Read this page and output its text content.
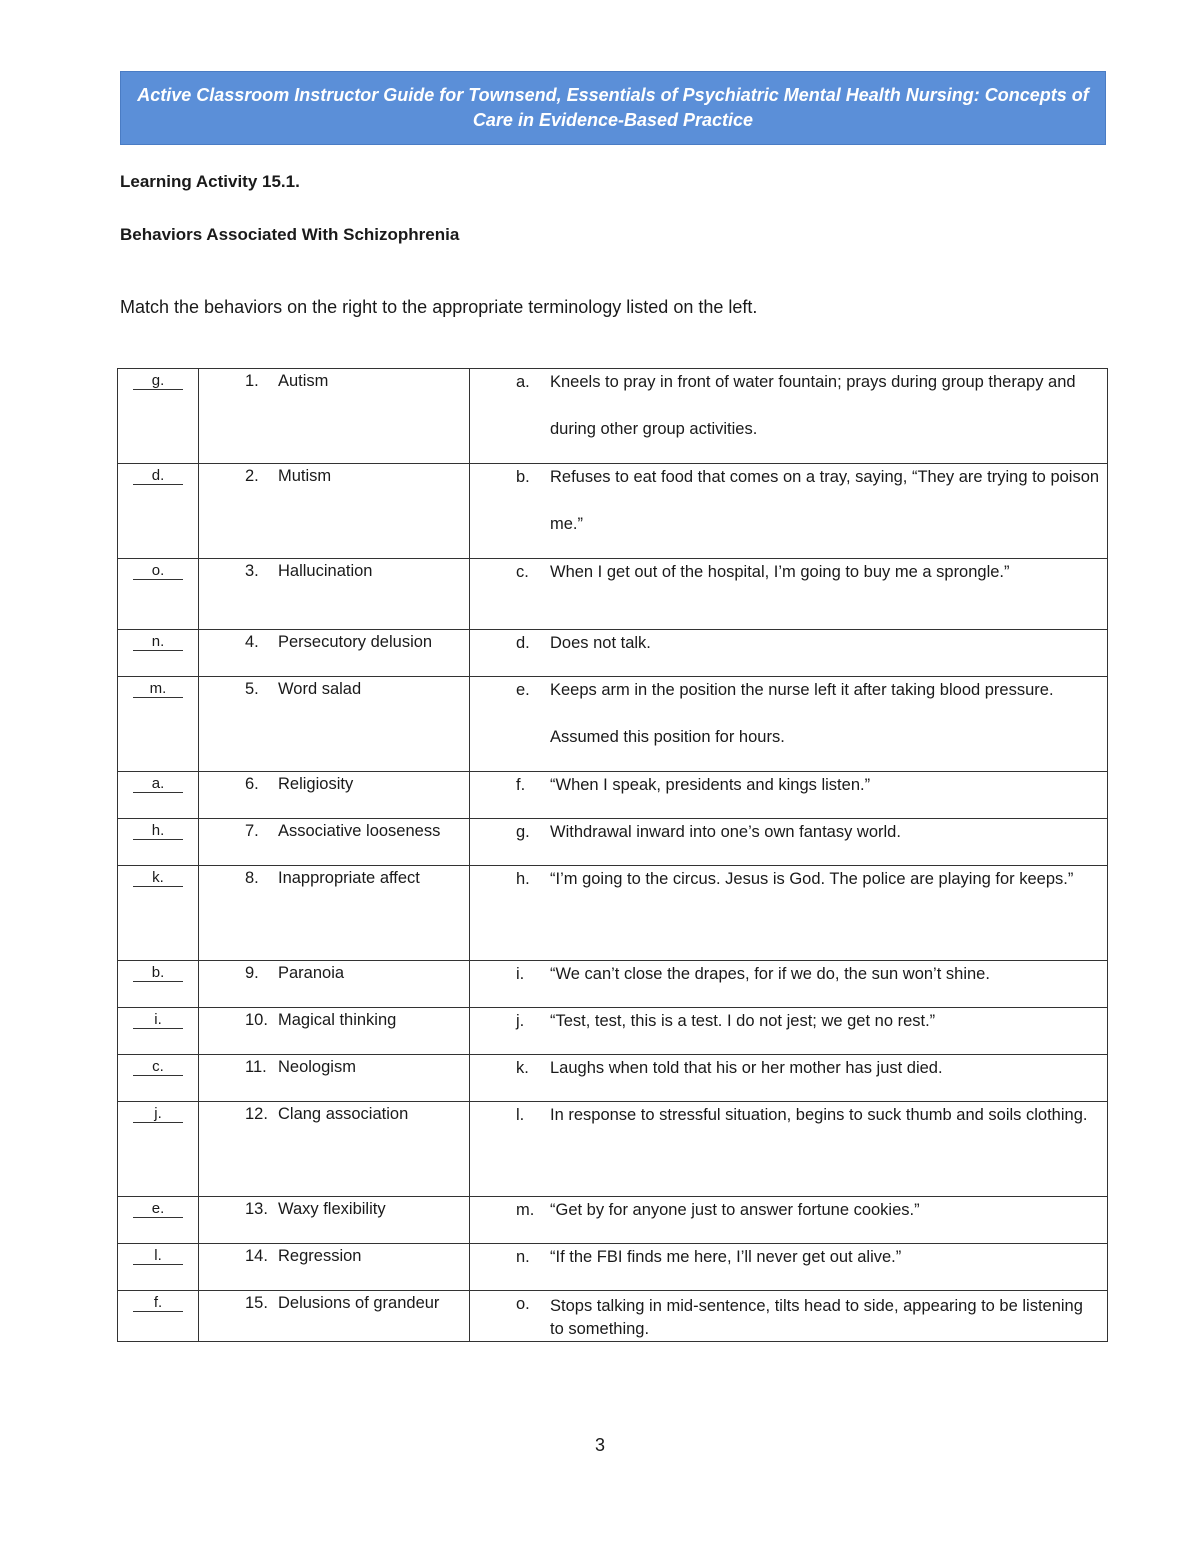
Active Classroom Instructor Guide for Townsend, Essentials of Psychiatric Mental Health Nursing: Concepts of Care in Evidence-Based Practice
Learning Activity 15.1.
Behaviors Associated With Schizophrenia
Match the behaviors on the right to the appropriate terminology listed on the left.
g.	1. Autism	a. Kneels to pray in front of water fountain; prays during group therapy and during other group activities.

d.	2. Mutism	b. Refuses to eat food that comes on a tray, saying, “They are trying to poison me.”

o.	3. Hallucination	c. When I get out of the hospital, I’m going to buy me a sprongle.”

n.	4. Persecutory delusion	d. Does not talk.

m.	5. Word salad	e. Keeps arm in the position the nurse left it after taking blood pressure. Assumed this position for hours.

a.	6. Religiosity	f. “When I speak, presidents and kings listen.”

h.	7. Associative looseness	g. Withdrawal inward into one’s own fantasy world.

k.	8. Inappropriate affect	h. “I’m going to the circus. Jesus is God. The police are playing for keeps.”

b.	9. Paranoia	i. “We can’t close the drapes, for if we do, the sun won’t shine.

i.	10. Magical thinking	j. “Test, test, this is a test. I do not jest; we get no rest.”

c.	11. Neologism	k. Laughs when told that his or her mother has just died.

j.	12. Clang association	l. In response to stressful situation, begins to suck thumb and soils clothing.

e.	13. Waxy flexibility	m. “Get by for anyone just to answer fortune cookies.”

l.	14. Regression	n. “If the FBI finds me here, I’ll never get out alive.”

f.	15. Delusions of grandeur	o. Stops talking in mid-sentence, tilts head to side, appearing to be listening to something.
3
